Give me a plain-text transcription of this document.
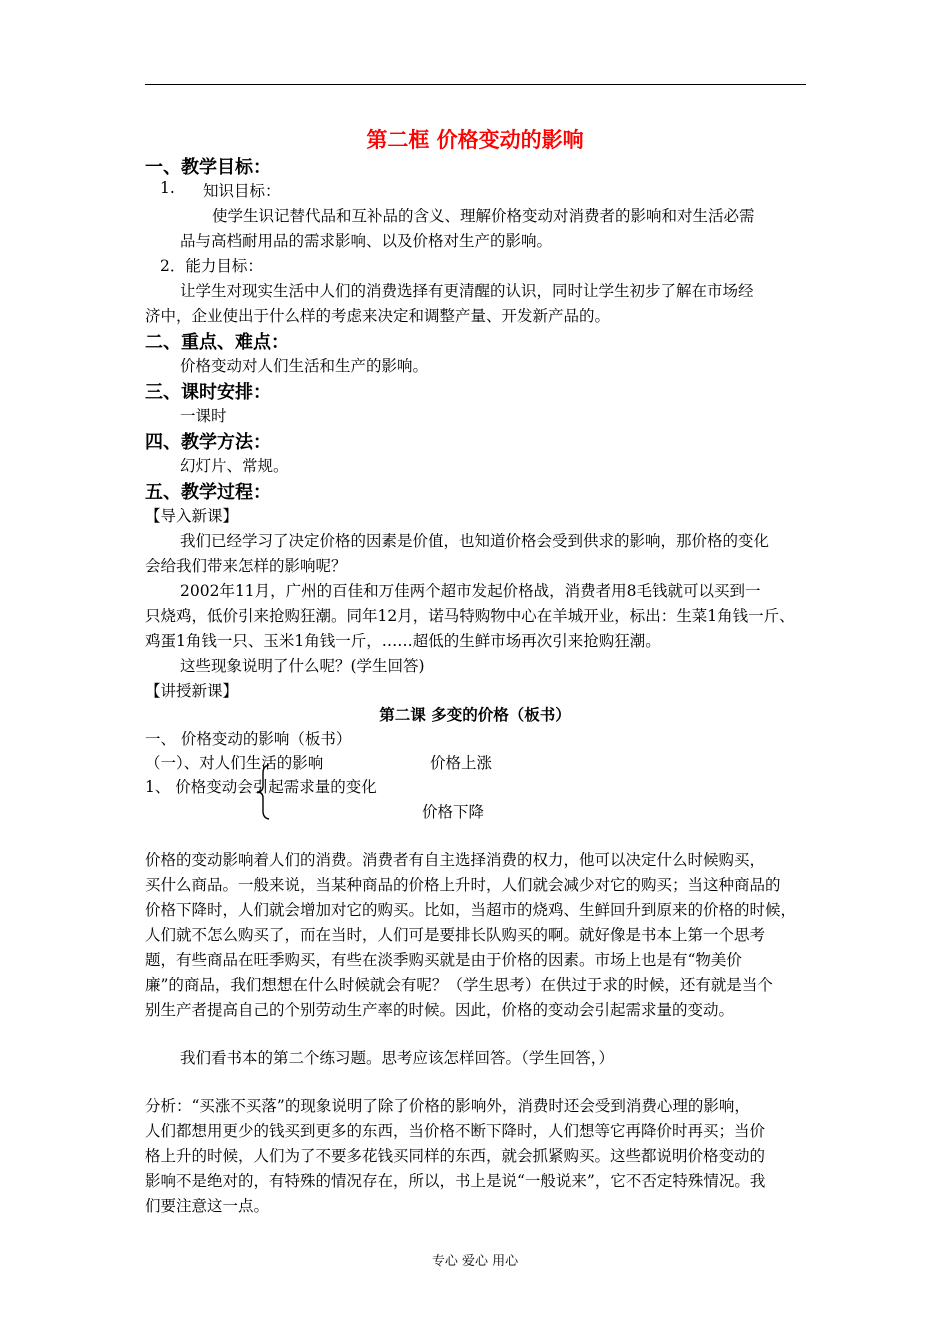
第二框 价格变动的影响
一、教学目标：
1. 知识目标：
使学生识记替代品和互补品的含义、理解价格变动对消费者的影响和对生活必需
品与高档耐用品的需求影响、以及价格对生产的影响。
2．能力目标：
让学生对现实生活中人们的消费选择有更清醒的认识，同时让学生初步了解在市场经
济中，企业使出于什么样的考虑来决定和调整产量、开发新产品的。
二、重点、难点：
价格变动对人们生活和生产的影响。
三、课时安排：
一课时
四、教学方法：
幻灯片、常规。
五、教学过程：
【导入新课】
我们已经学习了决定价格的因素是价值，也知道价格会受到供求的影响，那价格的变化
会给我们带来怎样的影响呢？
2002年11月，广州的百佳和万佳两个超市发起价格战，消费者用8毛钱就可以买到一
只烧鸡，低价引来抢购狂潮。同年12月，诺马特购物中心在羊城开业，标出：生菜1角钱一斤、
鸡蛋1角钱一只、玉米1角钱一斤，……超低的生鲜市场再次引来抢购狂潮。
这些现象说明了什么呢？(学生回答)
【讲授新课】
第二课 多变的价格（板书）
一、 价格变动的影响（板书）
（一）、对人们生活的影响	价格上涨
1、 价格变动会引起需求量的变化
价格下降
价格的变动影响着人们的消费。消费者有自主选择消费的权力，他可以决定什么时候购买，
买什么商品。一般来说，当某种商品的价格上升时，人们就会减少对它的购买；当这种商品的
价格下降时，人们就会增加对它的购买。比如，当超市的烧鸡、生鲜回升到原来的价格的时候，
人们就不怎么购买了，而在当时，人们可是要排长队购买的啊。就好像是书本上第一个思考
题，有些商品在旺季购买，有些在淡季购买就是由于价格的因素。市场上也是有“物美价
廉”的商品，我们想想在什么时候就会有呢？（学生思考）在供过于求的时候，还有就是当个
别生产者提高自己的个别劳动生产率的时候。因此，价格的变动会引起需求量的变动。
我们看书本的第二个练习题。思考应该怎样回答。（学生回答，）
分析：“买涨不买落”的现象说明了除了价格的影响外，消费时还会受到消费心理的影响，
人们都想用更少的钱买到更多的东西，当价格不断下降时，人们想等它再降价时再买；当价
格上升的时候，人们为了不要多花钱买同样的东西，就会抓紧购买。这些都说明价格变动的
影响不是绝对的，有特殊的情况存在，所以，书上是说“一般说来”，它不否定特殊情况。我
们要注意这一点。
专心 爱心 用心
